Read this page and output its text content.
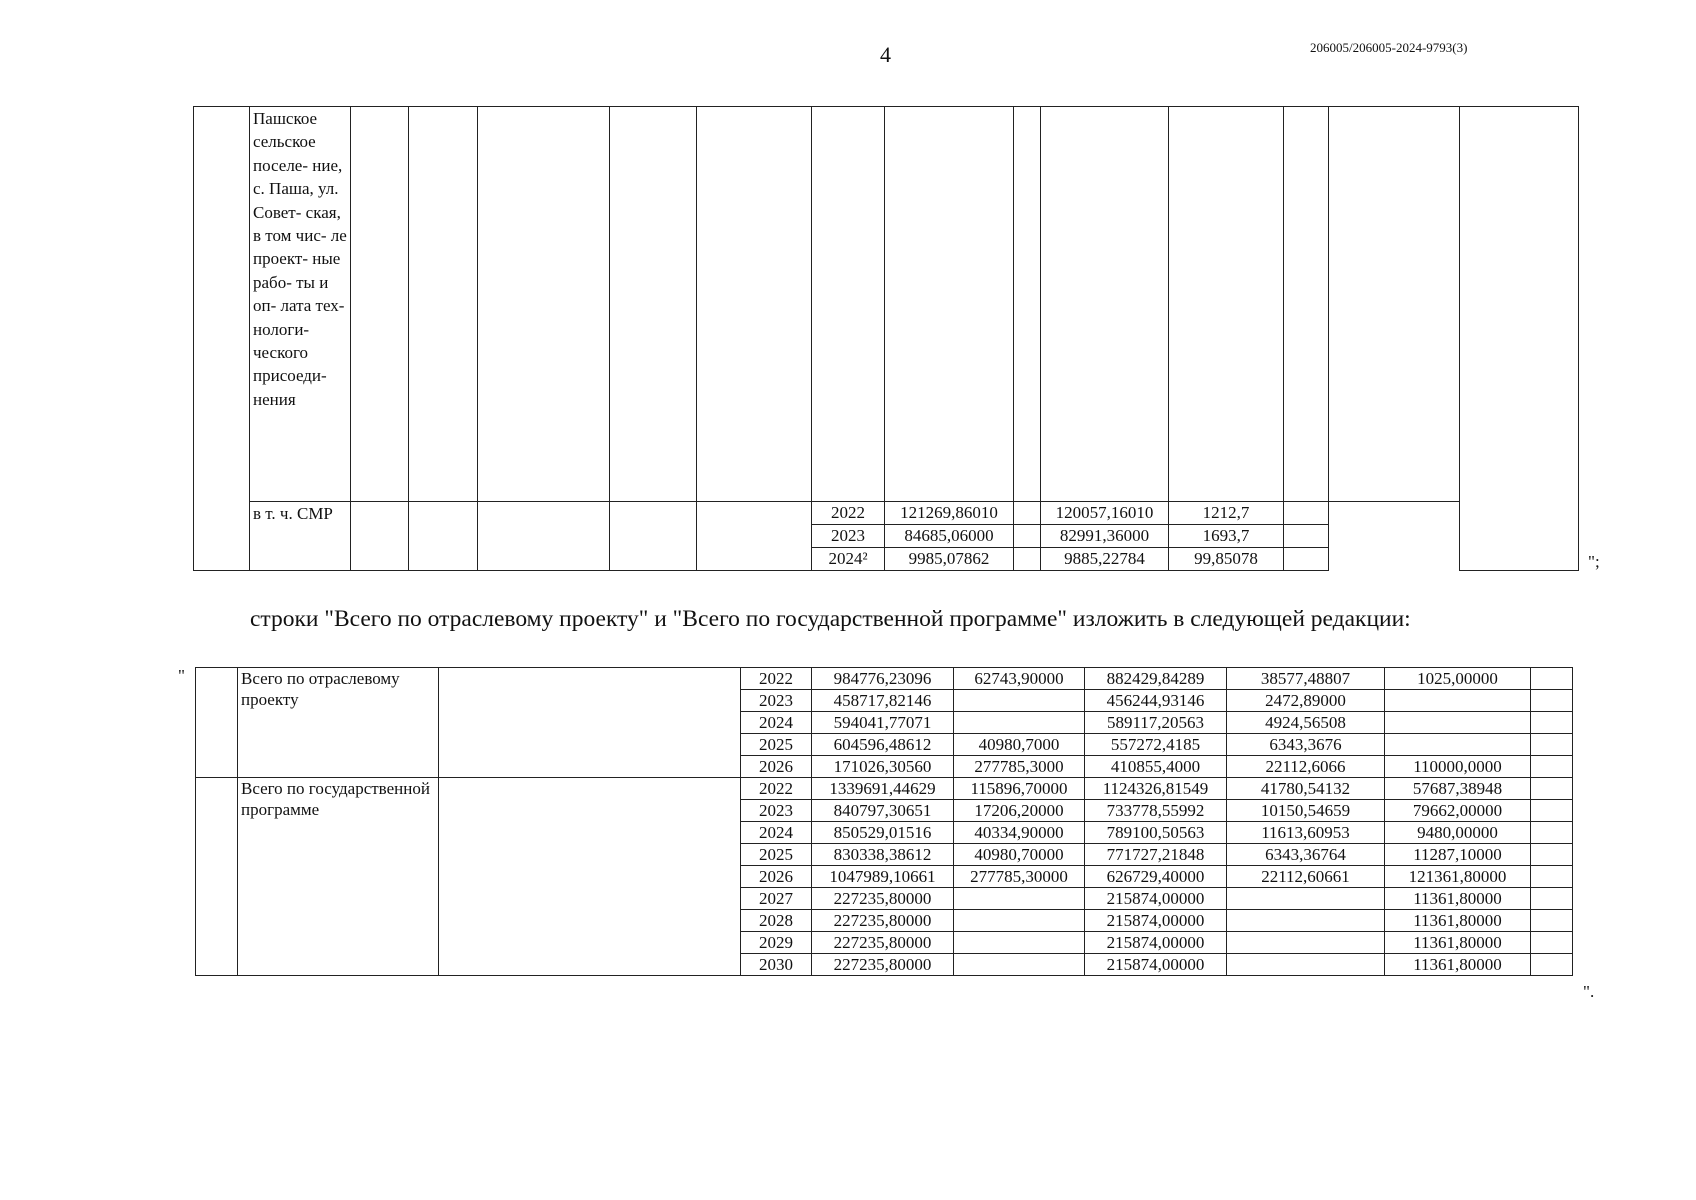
4	206005/206005-2024-9793(3)
	Пашское сельское поселе- ние, с. Паша, ул. Совет- ская, в том чис- ле проект- ные рабо- ты и оп- лата тех- нологи- ческого присоеди- нения													
	в т. ч. СМР						2022	121269,86010		120057,16010	1212,7			
							2023	84685,06000		82991,36000	1693,7			
							2024²	9985,07862		9885,22784	99,85078				";
строки "Всего по отраслевому проекту" и "Всего по государственной программе" изложить в следующей редакции:
"
		Всего по отраслевому проекту		2022	984776,23096	62743,90000	882429,84289	38577,48807	1025,00000	
			2023	458717,82146		456244,93146	2472,89000		
			2024	594041,77071		589117,20563	4924,56508		
			2025	604596,48612	40980,7000	557272,4185	6343,3676		
			2026	171026,30560	277785,3000	410855,4000	22112,6066	110000,0000	
	Всего по государственной программе		2022	1339691,44629	115896,70000	1124326,81549	41780,54132	57687,38948	
			2023	840797,30651	17206,20000	733778,55992	10150,54659	79662,00000	
			2024	850529,01516	40334,90000	789100,50563	11613,60953	9480,00000	
			2025	830338,38612	40980,70000	771727,21848	6343,36764	11287,10000	
			2026	1047989,10661	277785,30000	626729,40000	22112,60661	121361,80000	
			2027	227235,80000		215874,00000		11361,80000	
			2028	227235,80000		215874,00000		11361,80000	
			2029	227235,80000		215874,00000		11361,80000	
			2030	227235,80000		215874,00000		11361,80000	
".
